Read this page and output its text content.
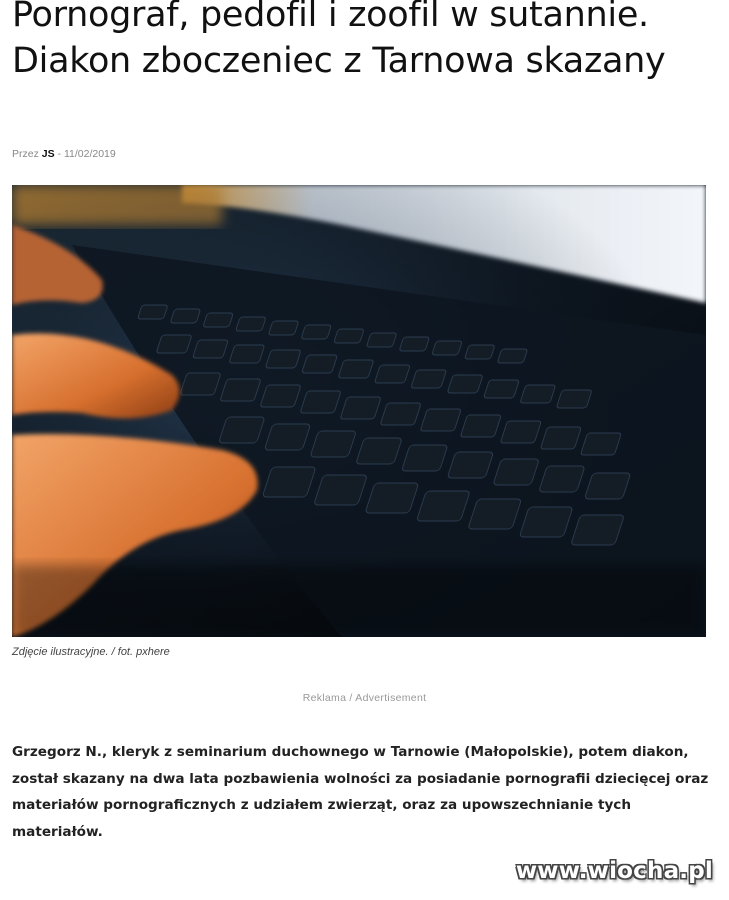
Pornograf, pedofil i zoofil w sutannie. Diakon zboczeniec z Tarnowa skazany
Przez JS - 11/02/2019
Zdjęcie ilustracyjne. / fot. pxhere
Reklama / Advertisement

Grzegorz N., kleryk z seminarium duchownego w Tarnowie (Małopolskie), potem diakon, został skazany na dwa lata pozbawienia wolności za posiadanie pornografii dziecięcej oraz materiałów pornograficznych z udziałem zwierząt, oraz za upowszechnianie tych materiałów.

www.wiocha.pl
